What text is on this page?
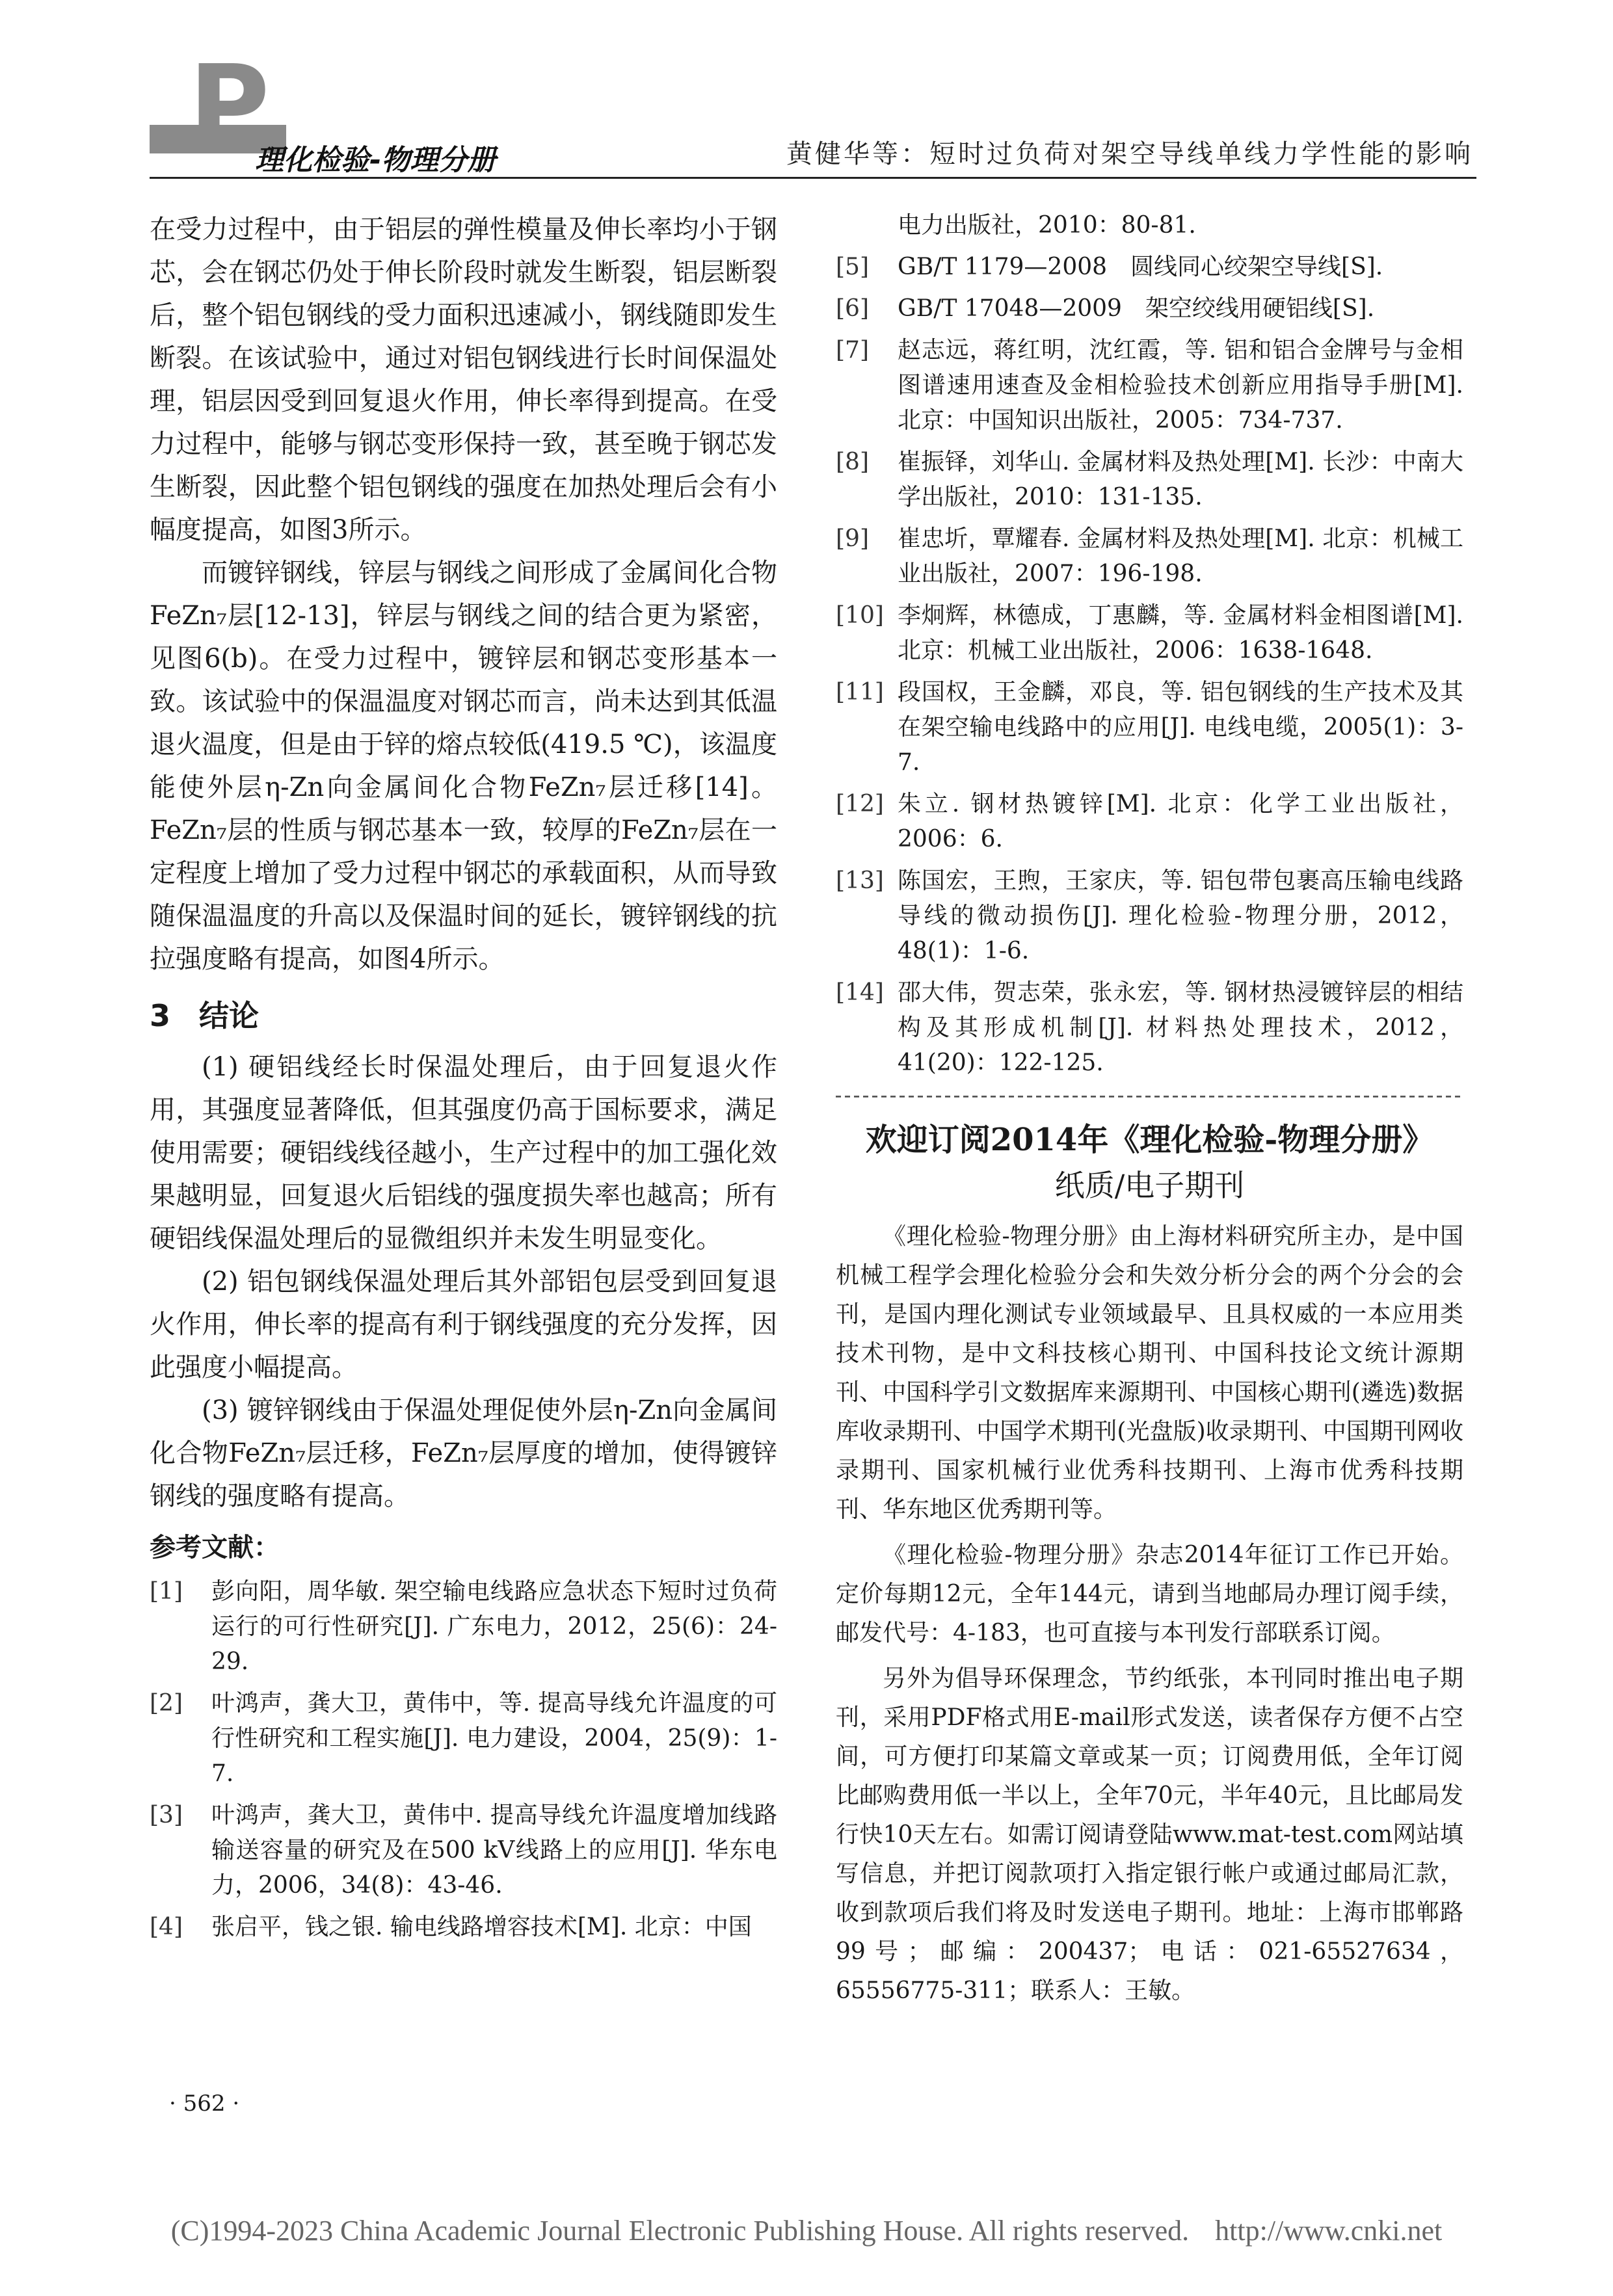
P
理化检验-物理分册	黄健华等：短时过负荷对架空导线单线力学性能的影响

在受力过程中，由于铝层的弹性模量及伸长率均小于钢芯，会在钢芯仍处于伸长阶段时就发生断裂，铝层断裂后，整个铝包钢线的受力面积迅速减小，钢线随即发生断裂。在该试验中，通过对铝包钢线进行长时间保温处理，铝层因受到回复退火作用，伸长率得到提高。在受力过程中，能够与钢芯变形保持一致，甚至晚于钢芯发生断裂，因此整个铝包钢线的强度在加热处理后会有小幅度提高，如图3所示。

而镀锌钢线，锌层与钢线之间形成了金属间化合物FeZn₇层[12-13]，锌层与钢线之间的结合更为紧密，见图6(b)。在受力过程中，镀锌层和钢芯变形基本一致。该试验中的保温温度对钢芯而言，尚未达到其低温退火温度，但是由于锌的熔点较低(419.5 ℃)，该温度能使外层η-Zn向金属间化合物FeZn₇层迁移[14]。FeZn₇层的性质与钢芯基本一致，较厚的FeZn₇层在一定程度上增加了受力过程中钢芯的承载面积，从而导致随保温温度的升高以及保温时间的延长，镀锌钢线的抗拉强度略有提高，如图4所示。

3 结论

(1) 硬铝线经长时保温处理后，由于回复退火作用，其强度显著降低，但其强度仍高于国标要求，满足使用需要；硬铝线线径越小，生产过程中的加工强化效果越明显，回复退火后铝线的强度损失率也越高；所有硬铝线保温处理后的显微组织并未发生明显变化。

(2) 铝包钢线保温处理后其外部铝包层受到回复退火作用，伸长率的提高有利于钢线强度的充分发挥，因此强度小幅提高。

(3) 镀锌钢线由于保温处理促使外层η-Zn向金属间化合物FeZn₇层迁移，FeZn₇层厚度的增加，使得镀锌钢线的强度略有提高。

参考文献：
[1]	彭向阳，周华敏. 架空输电线路应急状态下短时过负荷运行的可行性研究[J]. 广东电力，2012，25(6)：24-29.
[2]	叶鸿声，龚大卫，黄伟中，等. 提高导线允许温度的可行性研究和工程实施[J]. 电力建设，2004，25(9)：1-7.
[3]	叶鸿声，龚大卫，黄伟中. 提高导线允许温度增加线路输送容量的研究及在500 kV线路上的应用[J]. 华东电力，2006，34(8)：43-46.
[4]	张启平，钱之银. 输电线路增容技术[M]. 北京：中国
电力出版社，2010：80-81.
[5]	GB/T 1179—2008　圆线同心绞架空导线[S].
[6]	GB/T 17048—2009　架空绞线用硬铝线[S].
[7]	赵志远，蒋红明，沈红霞，等. 铝和铝合金牌号与金相图谱速用速查及金相检验技术创新应用指导手册[M]. 北京：中国知识出版社，2005：734-737.
[8]	崔振铎，刘华山. 金属材料及热处理[M]. 长沙：中南大学出版社，2010：131-135.
[9]	崔忠圻，覃耀春. 金属材料及热处理[M]. 北京：机械工业出版社，2007：196-198.
[10] 李炯辉，林德成，丁惠麟，等. 金属材料金相图谱[M]. 北京：机械工业出版社，2006：1638-1648.
[11] 段国权，王金麟，邓良，等. 铝包钢线的生产技术及其在架空输电线路中的应用[J]. 电线电缆，2005(1)：3-7.
[12] 朱立. 钢材热镀锌[M]. 北京：化学工业出版社，2006：6.
[13] 陈国宏，王煦，王家庆，等. 铝包带包裹高压输电线路导线的微动损伤[J]. 理化检验-物理分册，2012，48(1)：1-6.
[14] 邵大伟，贺志荣，张永宏，等. 钢材热浸镀锌层的相结构及其形成机制[J]. 材料热处理技术，2012，41(20)：122-125.

欢迎订阅2014年《理化检验-物理分册》

纸质/电子期刊

《理化检验-物理分册》由上海材料研究所主办，是中国机械工程学会理化检验分会和失效分析分会的两个分会的会刊，是国内理化测试专业领域最早、且具权威的一本应用类技术刊物，是中文科技核心期刊、中国科技论文统计源期刊、中国科学引文数据库来源期刊、中国核心期刊(遴选)数据库收录期刊、中国学术期刊(光盘版)收录期刊、中国期刊网收录期刊、国家机械行业优秀科技期刊、上海市优秀科技期刊、华东地区优秀期刊等。

《理化检验-物理分册》杂志2014年征订工作已开始。定价每期12元，全年144元，请到当地邮局办理订阅手续，邮发代号：4-183，也可直接与本刊发行部联系订阅。

另外为倡导环保理念，节约纸张，本刊同时推出电子期刊，采用PDF格式用E-mail形式发送，读者保存方便不占空间，可方便打印某篇文章或某一页；订阅费用低，全年订阅比邮购费用低一半以上，全年70元，半年40元，且比邮局发行快10天左右。如需订阅请登陆www.mat-test.com网站填写信息，并把订阅款项打入指定银行帐户或通过邮局汇款，收到款项后我们将及时发送电子期刊。地址：上海市邯郸路99号；邮编：200437；电话：021-65527634，65556775-311；联系人：王敏。

· 562 ·
(C)1994-2023 China Academic Journal Electronic Publishing House. All rights reserved. http://www.cnki.net
